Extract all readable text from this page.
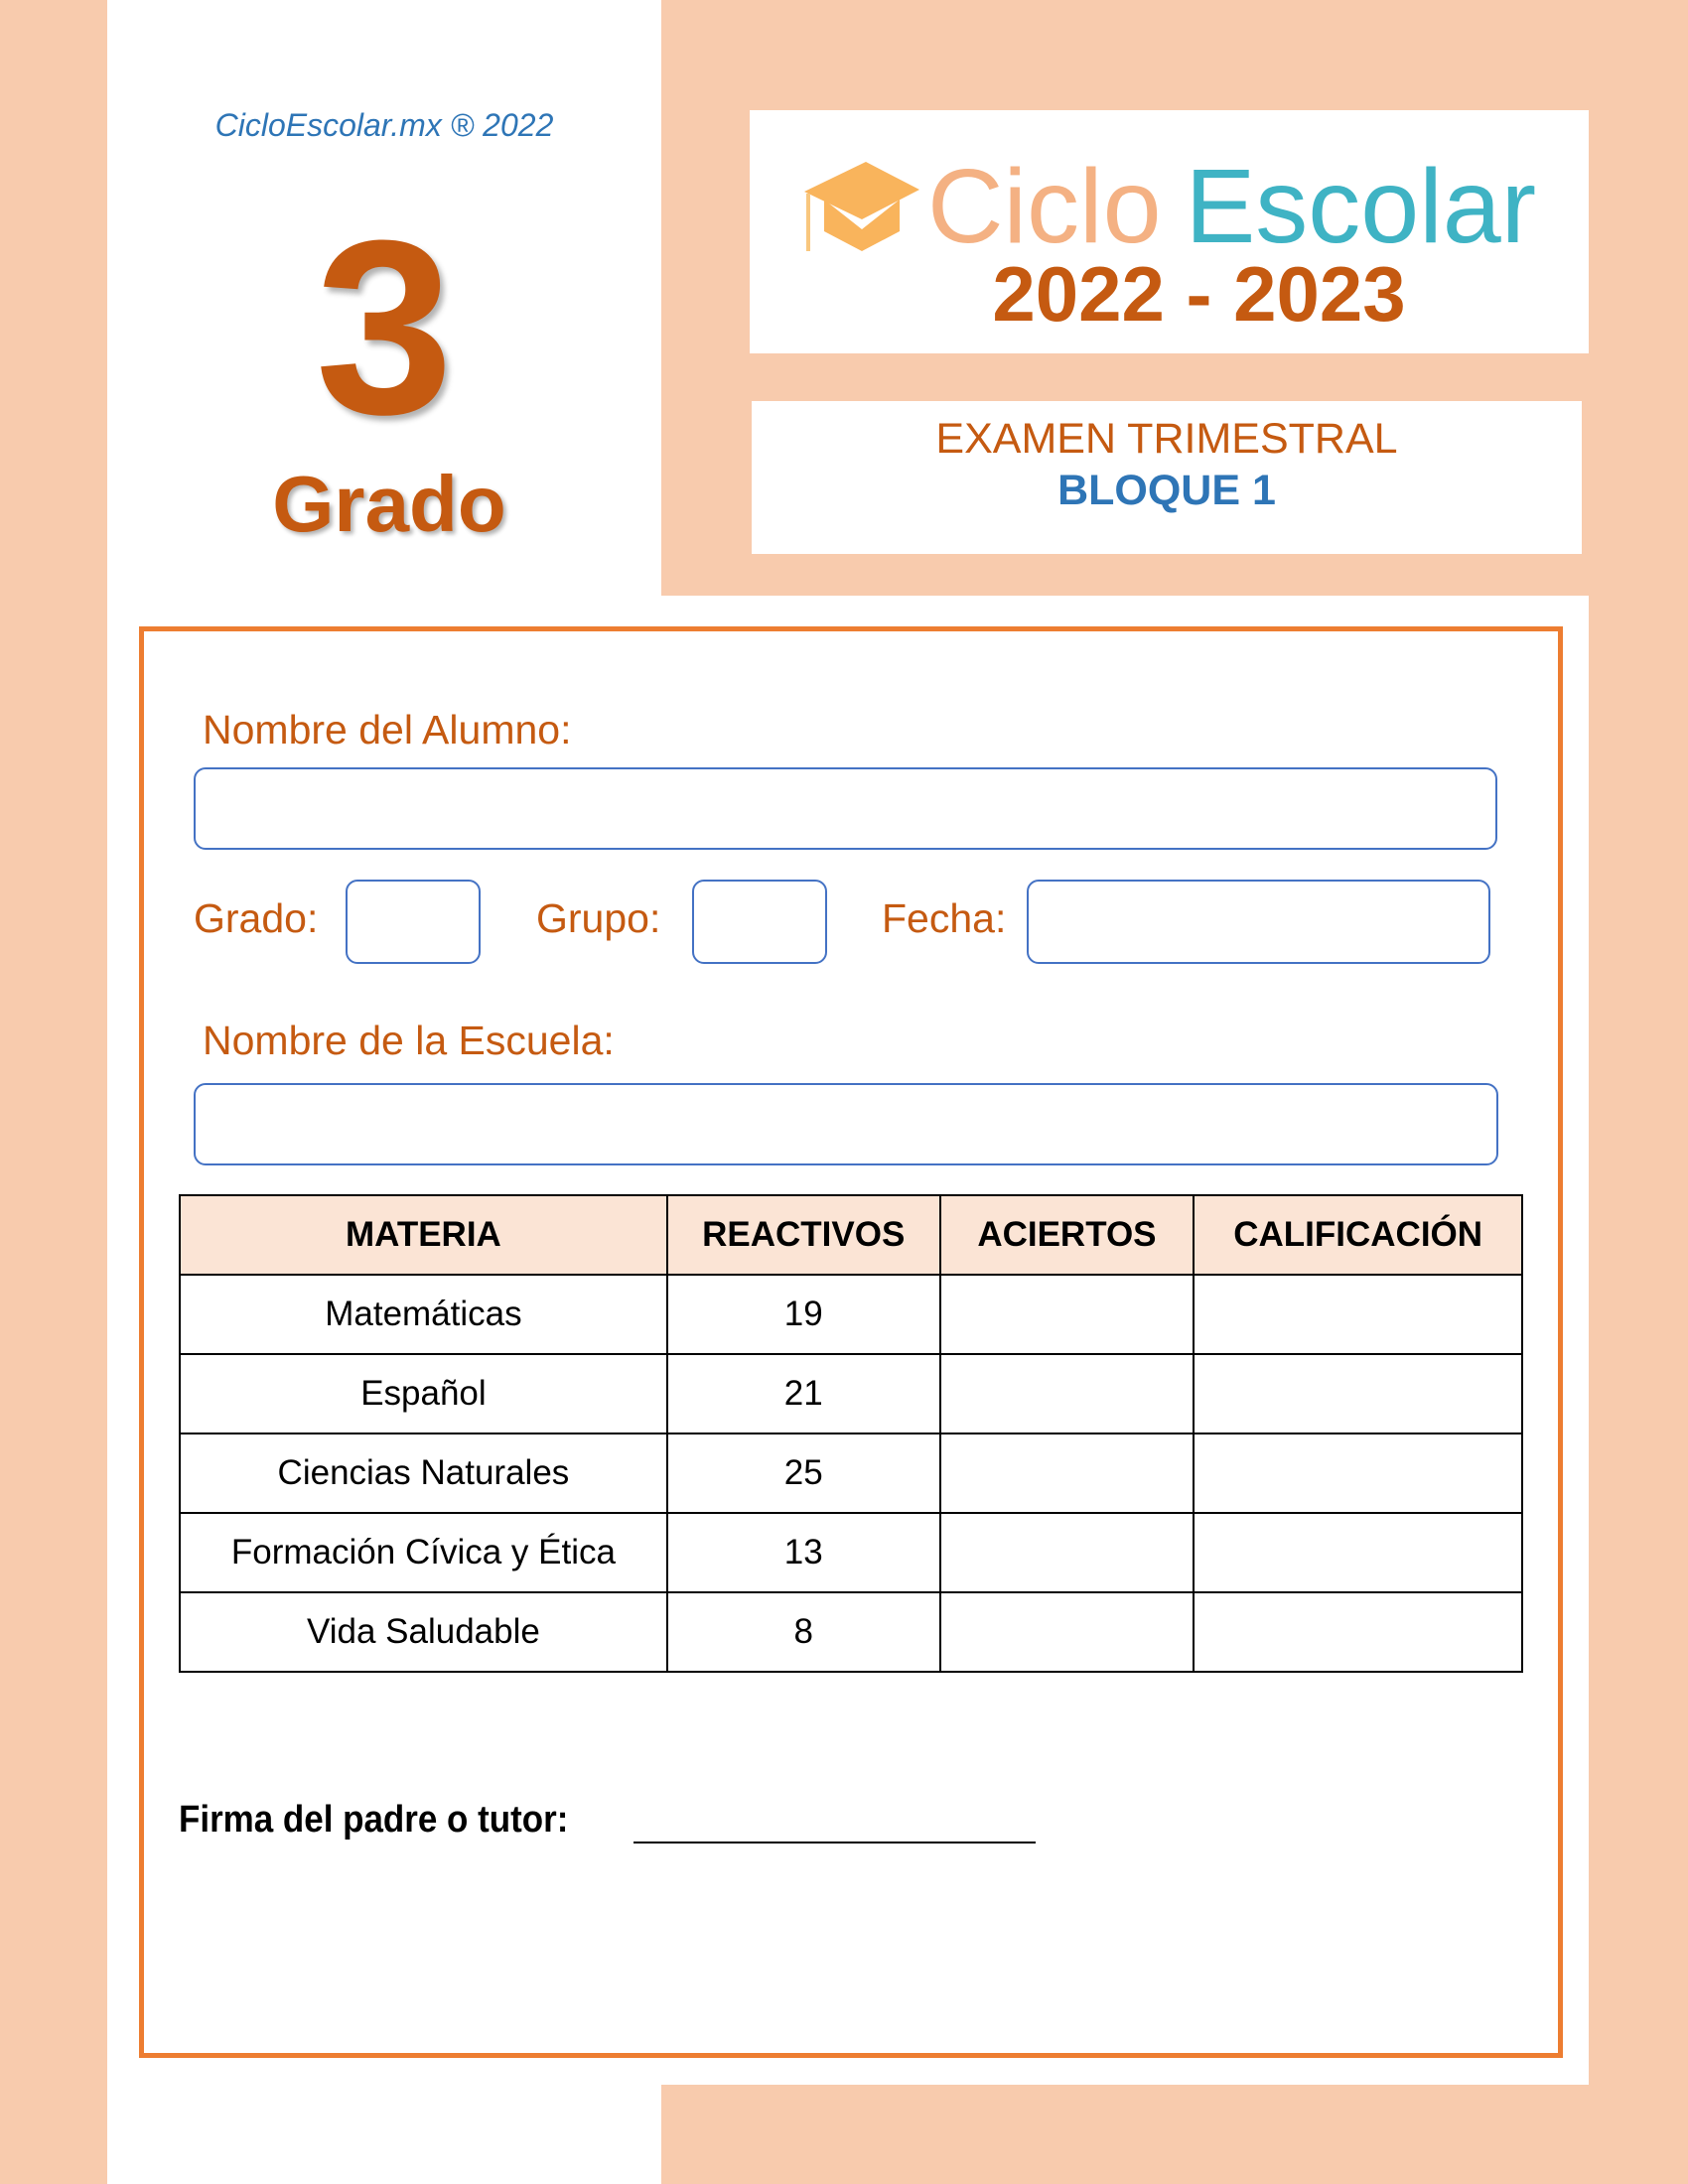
CicloEscolar.mx ® 2022
3
Grado
Ciclo Escolar
2022 - 2023
EXAMEN TRIMESTRAL
BLOQUE 1
Nombre del Alumno:
Grado:	Grupo:	Fecha:
Nombre de la Escuela:
MATERIA	REACTIVOS	ACIERTOS	CALIFICACIÓN
Matemáticas	19		
Español	21		
Ciencias Naturales	25		
Formación Cívica y Ética	13		
Vida Saludable	8		
Firma del padre o tutor:
